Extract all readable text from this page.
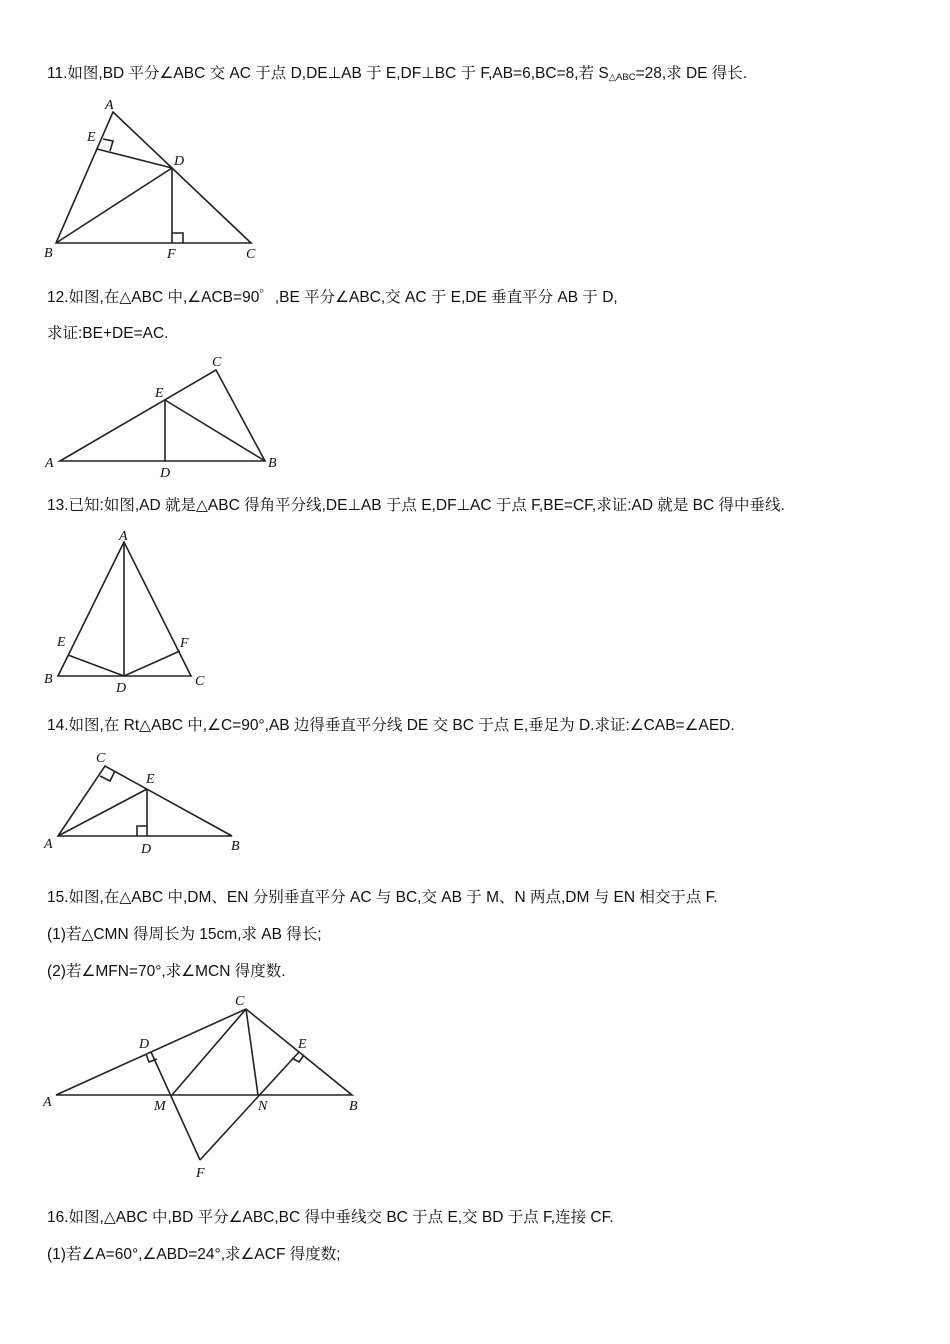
11.如图,BD 平分∠ABC 交 AC 于点 D,DE⊥AB 于 E,DF⊥BC 于 F,AB=6,BC=8,若 $S_{\triangle ABC}=28$,求 DE 得长.
A
E
D
B	F	C
12.如图,在△ABC 中,∠ACB=90゜,BE 平分∠ABC,交 AC 于 E,DE 垂直平分 AB 于 D,
求证:BE+DE=AC.
C
E
A
D
B
13.已知:如图,AD 就是△ABC 得角平分线,DE⊥AB 于点 E,DF⊥AC 于点 F,BE=CF,求证:AD 就是 BC 得中垂线.
A
E	F
B
D	C
14.如图,在 Rt△ABC 中,∠C=90°,AB 边得垂直平分线 DE 交 BC 于点 E,垂足为 D.求证:∠CAB=∠AED.
C
E
A	D	B
15.如图,在△ABC 中,DM、EN 分别垂直平分 AC 与 BC,交 AB 于 M、N 两点,DM 与 EN 相交于点 F.
(1)若△CMN 得周长为 15cm,求 AB 得长;
(2)若∠MFN=70°,求∠MCN 得度数.
C
D	E
A	M	N	B
F
16.如图,△ABC 中,BD 平分∠ABC,BC 得中垂线交 BC 于点 E,交 BD 于点 F,连接 CF.
(1)若∠A=60°,∠ABD=24°,求∠ACF 得度数;
